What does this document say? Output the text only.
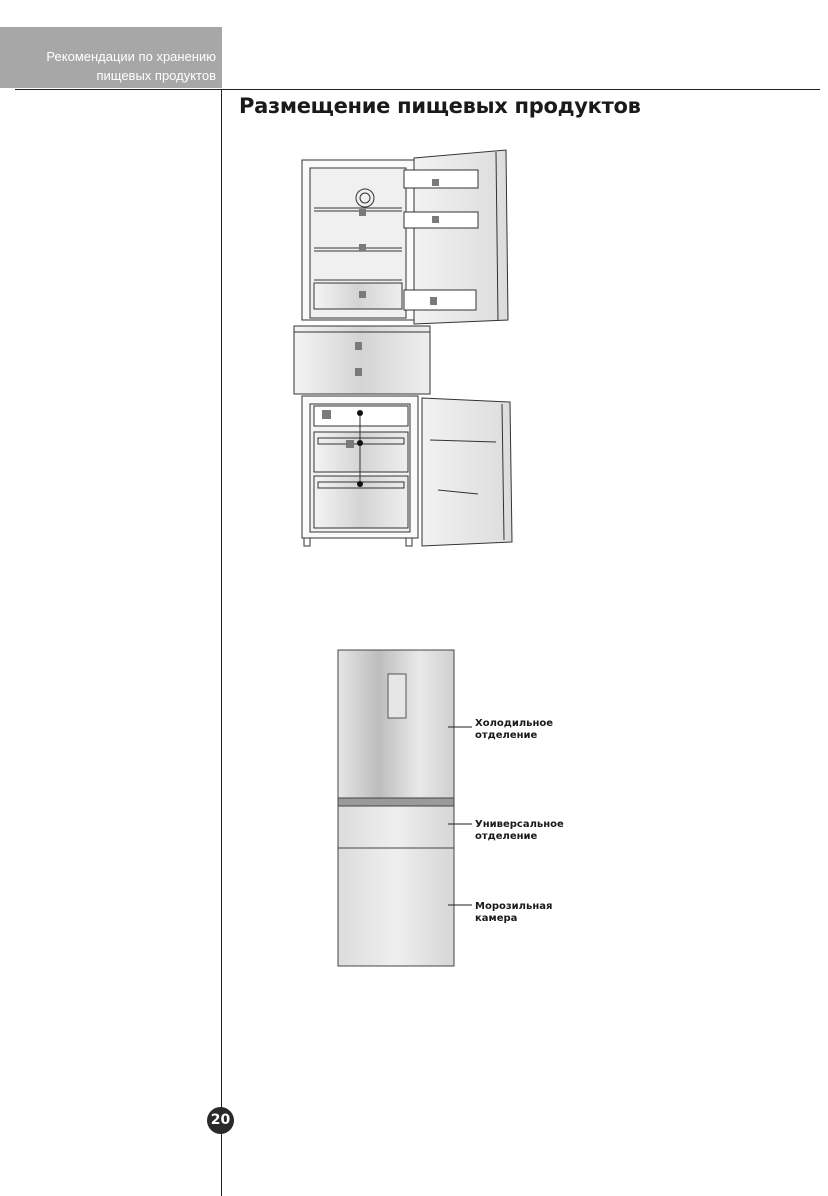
Рекомендации по хранению
пищевых продуктов
Размещение пищевых продуктов
Холодильное
отделение
Универсальное
отделение
Морозильная
камера
20
